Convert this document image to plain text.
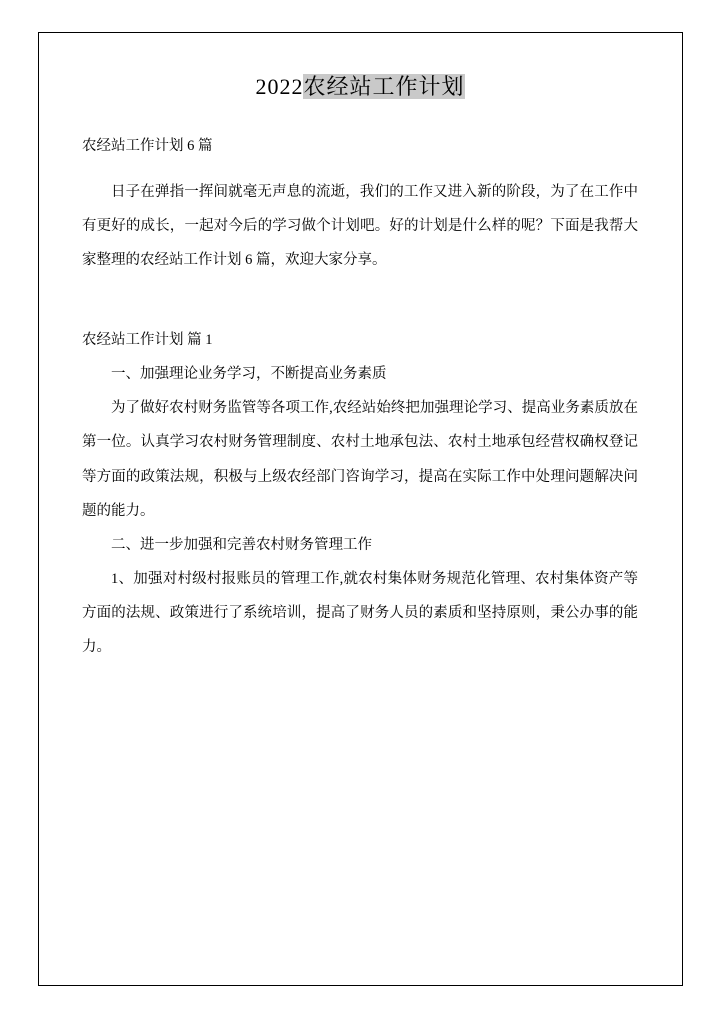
2022农经站工作计划

农经站工作计划 6 篇

日子在弹指一挥间就毫无声息的流逝，我们的工作又进入新的阶段，为了在工作中有更好的成长，一起对今后的学习做个计划吧。好的计划是什么样的呢？下面是我帮大家整理的农经站工作计划 6 篇，欢迎大家分享。

农经站工作计划 篇 1

一、加强理论业务学习，不断提高业务素质

为了做好农村财务监管等各项工作,农经站始终把加强理论学习、提高业务素质放在第一位。认真学习农村财务管理制度、农村土地承包法、农村土地承包经营权确权登记等方面的政策法规，积极与上级农经部门咨询学习，提高在实际工作中处理问题解决问题的能力。

二、进一步加强和完善农村财务管理工作

1、加强对村级村报账员的管理工作,就农村集体财务规范化管理、农村集体资产等方面的法规、政策进行了系统培训，提高了财务人员的素质和坚持原则，秉公办事的能力。
